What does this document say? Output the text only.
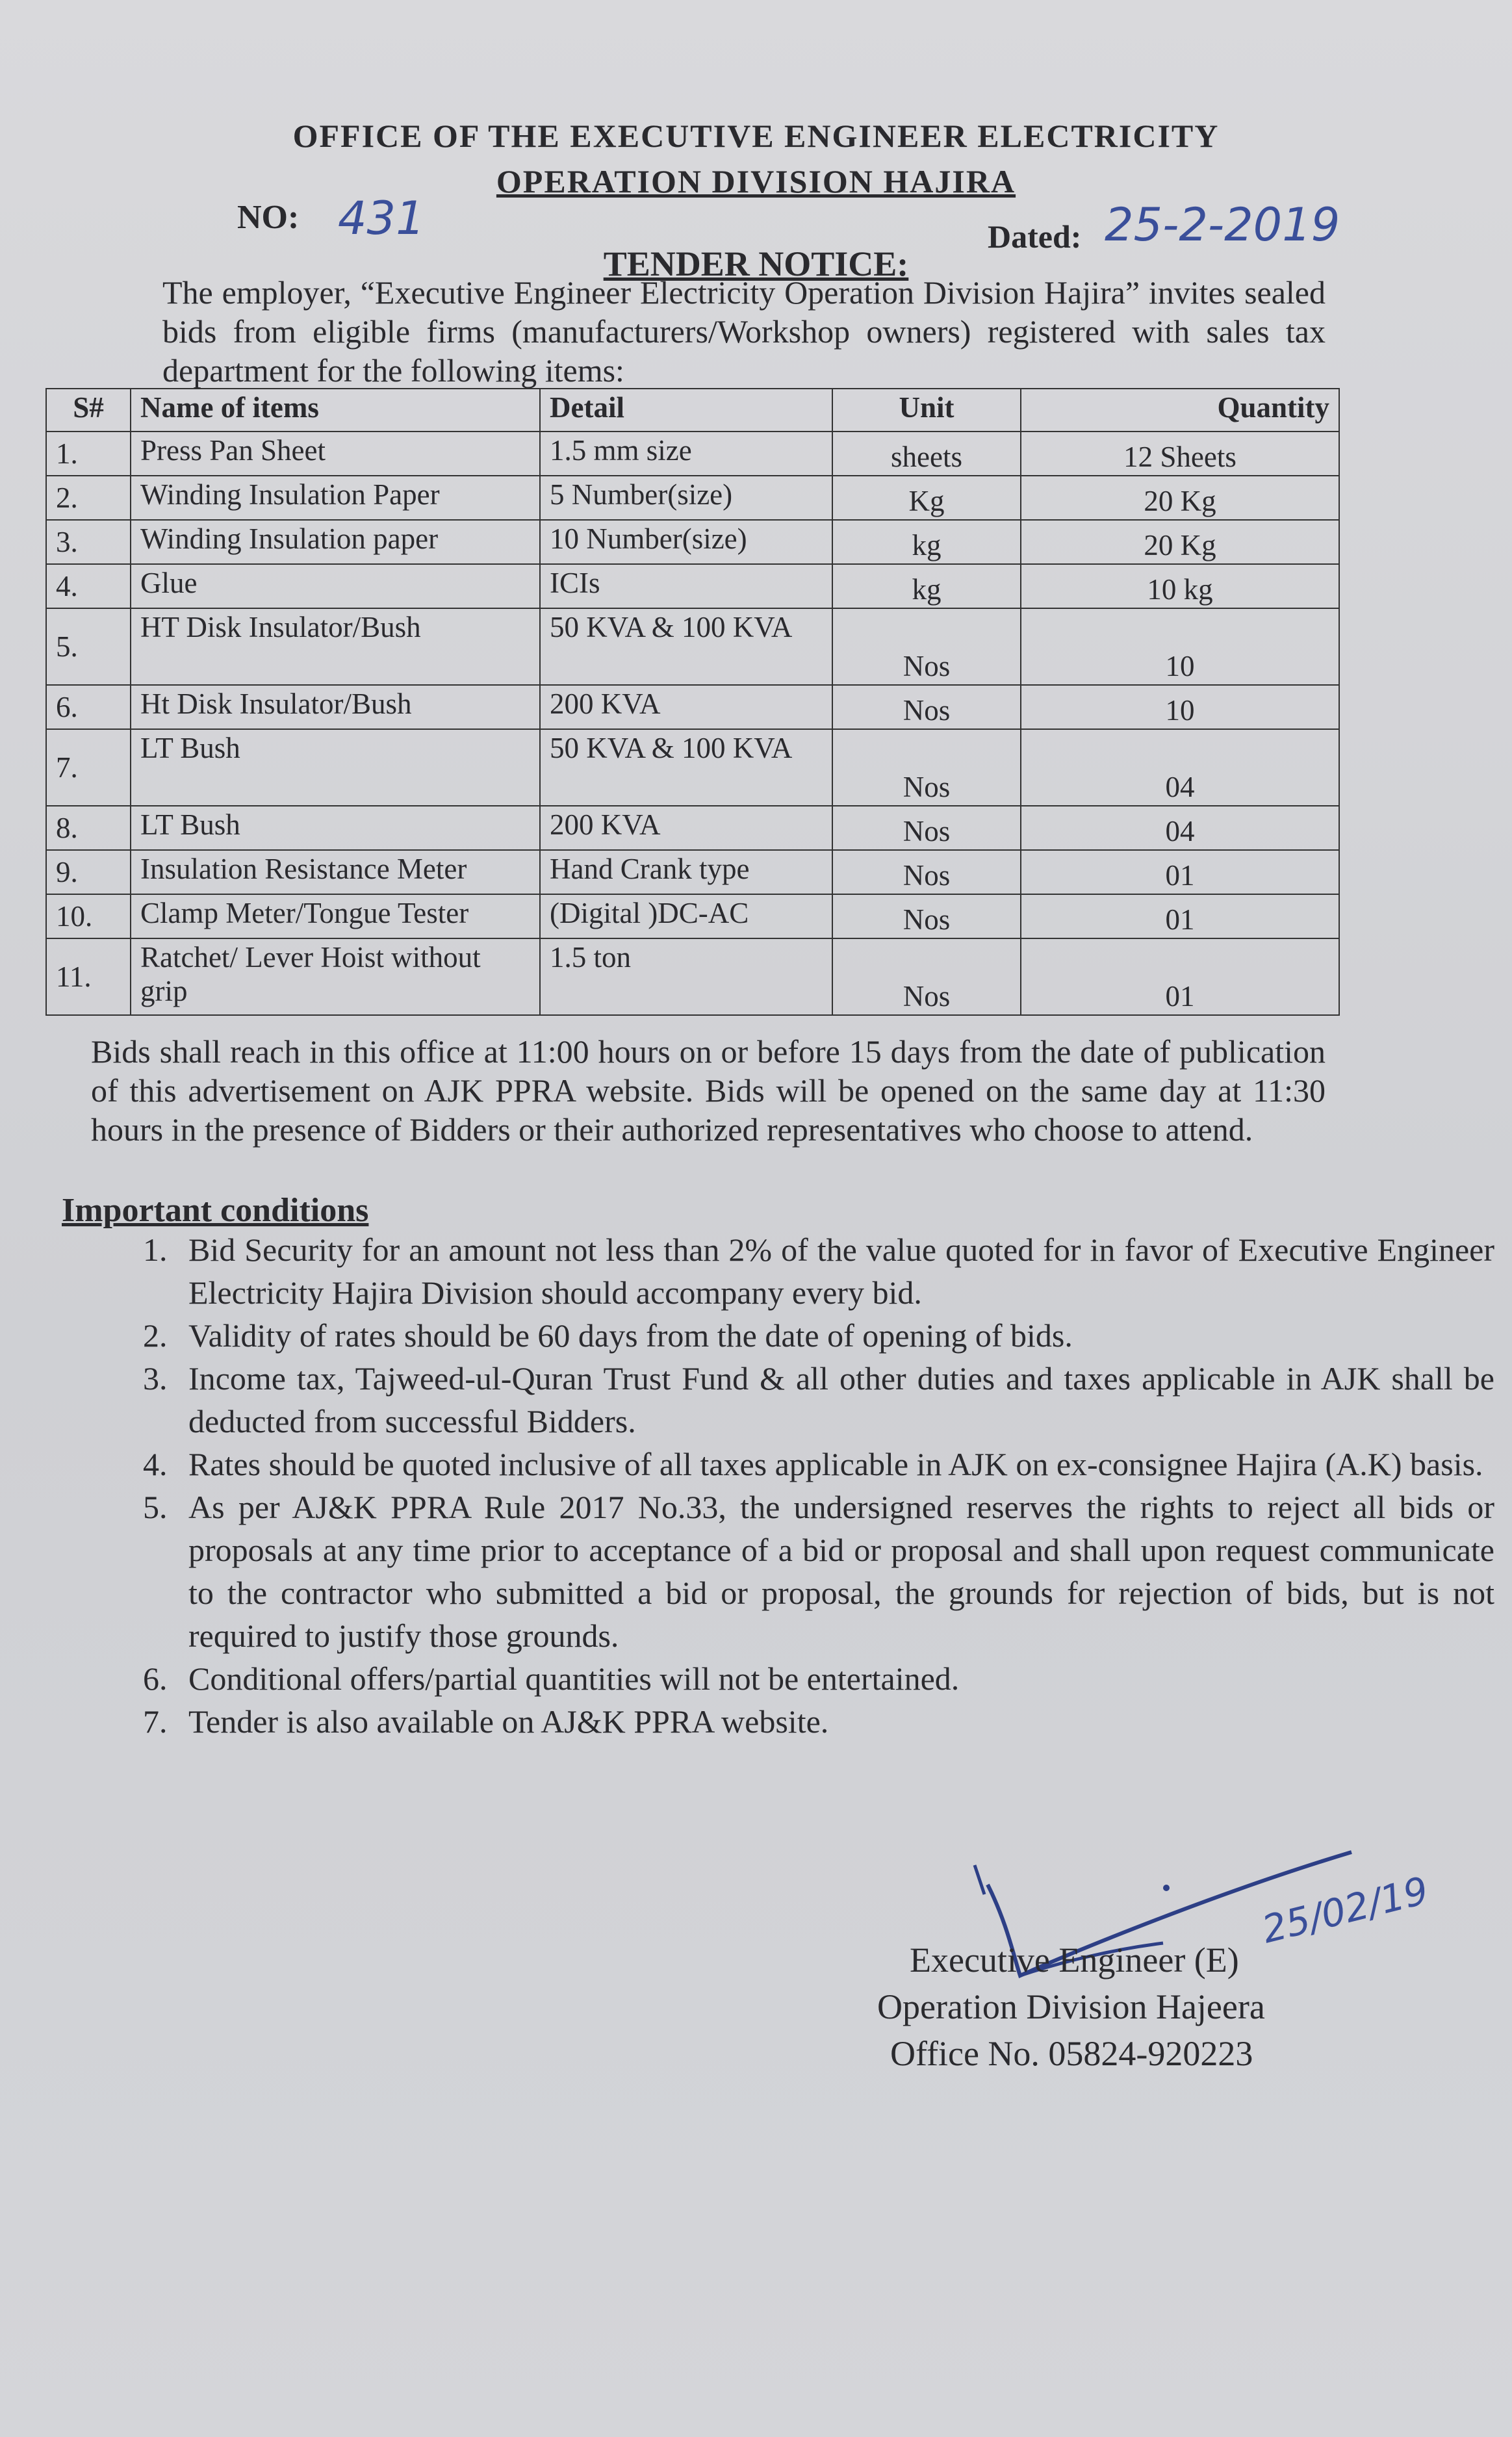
OFFICE OF THE EXECUTIVE ENGINEER ELECTRICITY
OPERATION DIVISION HAJIRA
NO: 431	Dated: 25-2-2019
TENDER NOTICE:
The employer, “Executive Engineer Electricity Operation Division Hajira” invites sealed bids from eligible firms (manufacturers/Workshop owners) registered with sales tax department for the following items:
S#	Name of items	Detail	Unit	Quantity
1.	Press Pan Sheet	1.5 mm size	sheets	12 Sheets
2.	Winding Insulation Paper	5 Number(size)	Kg	20 Kg
3.	Winding Insulation paper	10 Number(size)	kg	20 Kg
4.	Glue	ICIs	kg	10 kg
5.	HT Disk Insulator/Bush	50 KVA & 100 KVA	Nos	10
6.	Ht Disk Insulator/Bush	200 KVA	Nos	10
7.	LT Bush	50 KVA & 100 KVA	Nos	04
8.	LT Bush	200 KVA	Nos	04
9.	Insulation Resistance Meter	Hand Crank type	Nos	01
10.	Clamp Meter/Tongue Tester	(Digital )DC-AC	Nos	01
11.	Ratchet/ Lever Hoist without grip	1.5 ton	Nos	01
Bids shall reach in this office at 11:00 hours on or before 15 days from the date of publication of this advertisement on AJK PPRA website. Bids will be opened on the same day at 11:30 hours in the presence of Bidders or their authorized representatives who choose to attend.
Important conditions
1. Bid Security for an amount not less than 2% of the value quoted for in favor of Executive Engineer Electricity Hajira Division should accompany every bid.
2. Validity of rates should be 60 days from the date of opening of bids.
3. Income tax, Tajweed-ul-Quran Trust Fund & all other duties and taxes applicable in AJK shall be deducted from successful Bidders.
4. Rates should be quoted inclusive of all taxes applicable in AJK on ex-consignee Hajira (A.K) basis.
5. As per AJ&K PPRA Rule 2017 No.33, the undersigned reserves the rights to reject all bids or proposals at any time prior to acceptance of a bid or proposal and shall upon request communicate to the contractor who submitted a bid or proposal, the grounds for rejection of bids, but is not required to justify those grounds.
6. Conditional offers/partial quantities will not be entertained.
7. Tender is also available on AJ&K PPRA website.
25/02/19
Executive Engineer (E)
Operation Division Hajeera
Office No. 05824-920223
